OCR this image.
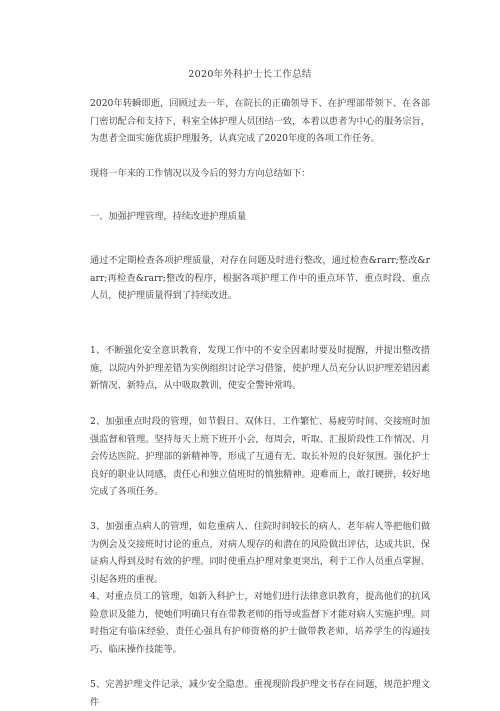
2020年外科护士长工作总结
2020年转瞬即逝，回顾过去一年，在院长的正确领导下、在护理部带领下、在各部门密切配合和支持下，科室全体护理人员团结一致，本着以患者为中心的服务宗旨，为患者全面实施优质护理服务，认真完成了2020年度的各项工作任务。
现将一年来的工作情况以及今后的努力方向总结如下：
一、加强护理管理，持续改进护理质量
通过不定期检查各项护理质量，对存在问题及时进行整改，通过检查&rarr;整改&rarr;再检查&rarr;整改的程序，根据各项护理工作中的重点环节、重点时段、重点人员，使护理质量得到了持续改进。
1、不断强化安全意识教育，发现工作中的不安全因素时要及时提醒，并提出整改措施，以院内外护理差错为实例组织讨论学习借鉴，使护理人员充分认识护理差错因素新情况、新特点，从中吸取教训，使安全警钟常鸣。
2、加强重点时段的管理，如节假日、双休日、工作繁忙、易疲劳时间、交接班时加强监督和管理。坚持每天上班下班开小会，每周会，听取、汇报阶段性工作情况、月会传达医院、护理部的新精神等，形成了互通有无、取长补短的良好氛围。强化护士良好的职业认同感，责任心和独立值班时的慎独精神。迎难而上，敢打硬拼，较好地完成了各项任务。
3、加强重点病人的管理，如危重病人、住院时间较长的病人、老年病人等把他们做为例会及交接班时讨论的重点，对病人现存的和潜在的风险做出评估，达成共识，保证病人得到及时有效的护理。同时使重点护理对象更突出，利于工作人员重点掌握、引起各班的重视。
4、对重点员工的管理，如新入科护士，对她们进行法律意识教育，提高他们的抗风险意识及能力，使她们明确只有在带教老师的指导或监督下才能对病人实施护理。同时指定有临床经验、责任心强具有护师资格的护士做带教老师，培养学生的沟通技巧、临床操作技能等。
5、完善护理文件记录，减少安全隐患。重视现阶段护理文书存在问题，规范护理文件
